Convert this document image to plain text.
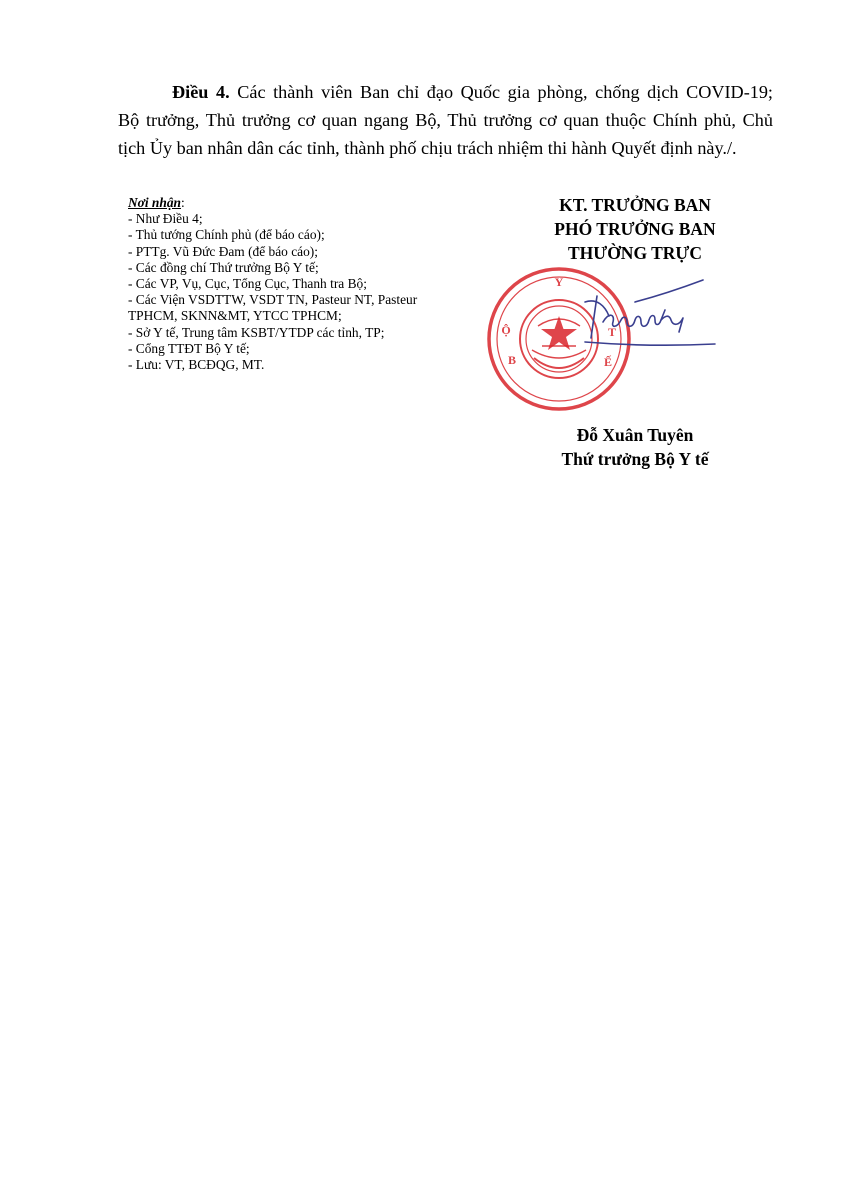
Điều 4. Các thành viên Ban chỉ đạo Quốc gia phòng, chống dịch COVID-19;
Bộ trưởng, Thủ trưởng cơ quan ngang Bộ, Thủ trưởng cơ quan thuộc Chính phủ, Chủ
tịch Ủy ban nhân dân các tỉnh, thành phố chịu trách nhiệm thi hành Quyết định này./.
Nơi nhận:
- Như Điều 4;
- Thủ tướng Chính phủ (để báo cáo);
- PTTg. Vũ Đức Đam (để báo cáo);
- Các đồng chí Thứ trưởng Bộ Y tế;
- Các VP, Vụ, Cục, Tổng Cục, Thanh tra Bộ;
- Các Viện VSDTTW, VSDT TN, Pasteur NT, Pasteur
TPHCM, SKNN&MT, YTCC TPHCM;
- Sở Y tế, Trung tâm KSBT/YTDP các tỉnh, TP;
- Cổng TTĐT Bộ Y tế;
- Lưu: VT, BCĐQG, MT.
KT. TRƯỞNG BAN
PHÓ TRƯỞNG BAN
THƯỜNG TRỰC
Y
Ộ	T
Ế
B
Đỗ Xuân Tuyên
Thứ trưởng Bộ Y tế
